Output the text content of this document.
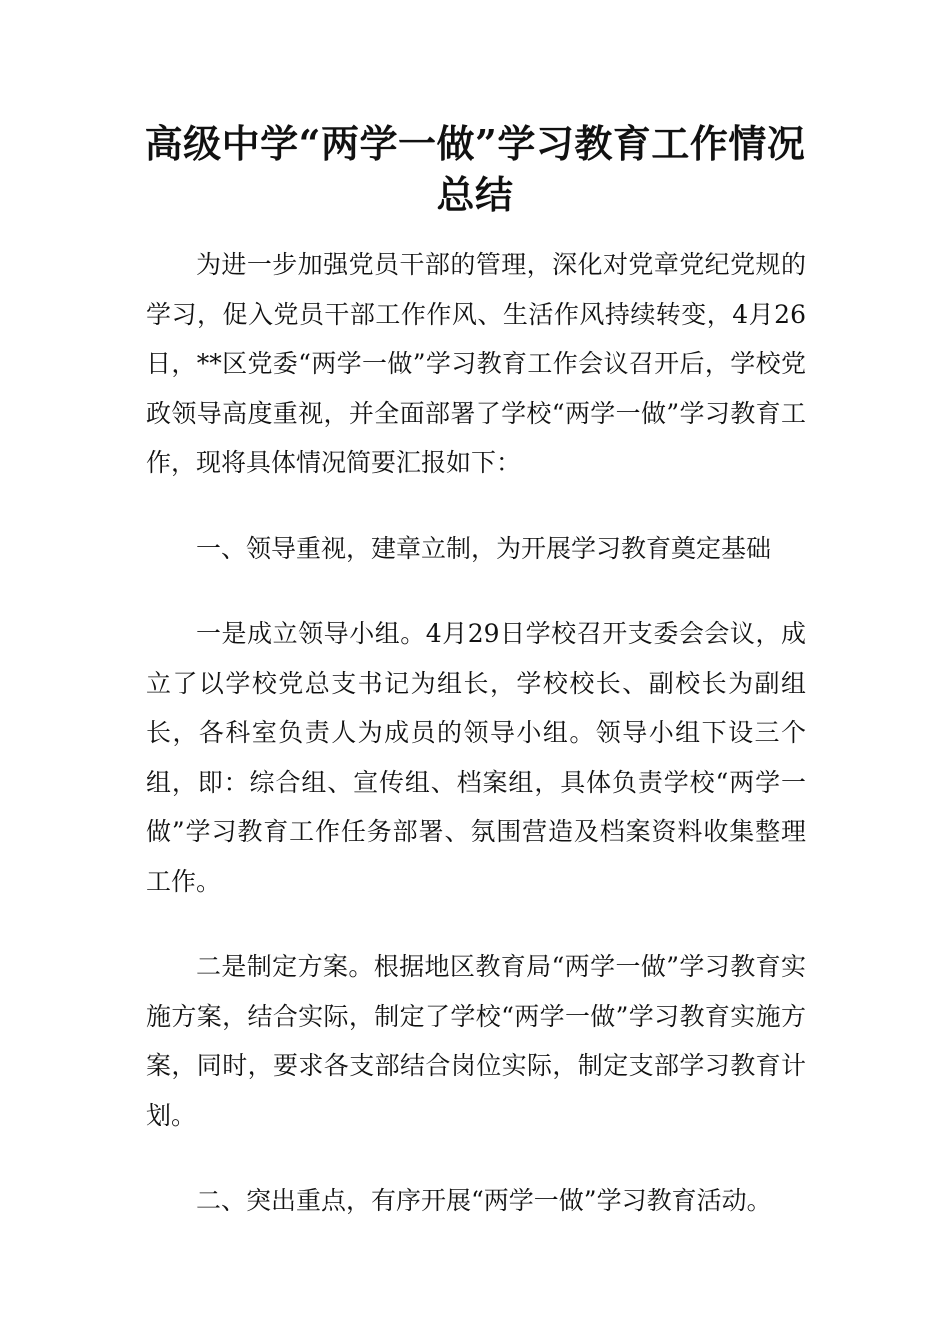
高级中学“两学一做”学习教育工作情况总结

为进一步加强党员干部的管理，深化对党章党纪党规的学习，促入党员干部工作作风、生活作风持续转变，4月26日，**区党委“两学一做”学习教育工作会议召开后，学校党政领导高度重视，并全面部署了学校“两学一做”学习教育工作，现将具体情况简要汇报如下：

一、领导重视，建章立制，为开展学习教育奠定基础

一是成立领导小组。4月29日学校召开支委会会议，成立了以学校党总支书记为组长，学校校长、副校长为副组长，各科室负责人为成员的领导小组。领导小组下设三个组，即：综合组、宣传组、档案组，具体负责学校“两学一做”学习教育工作任务部署、氛围营造及档案资料收集整理工作。

二是制定方案。根据地区教育局“两学一做”学习教育实施方案，结合实际，制定了学校“两学一做”学习教育实施方案，同时，要求各支部结合岗位实际，制定支部学习教育计划。

二、突出重点，有序开展“两学一做”学习教育活动。
